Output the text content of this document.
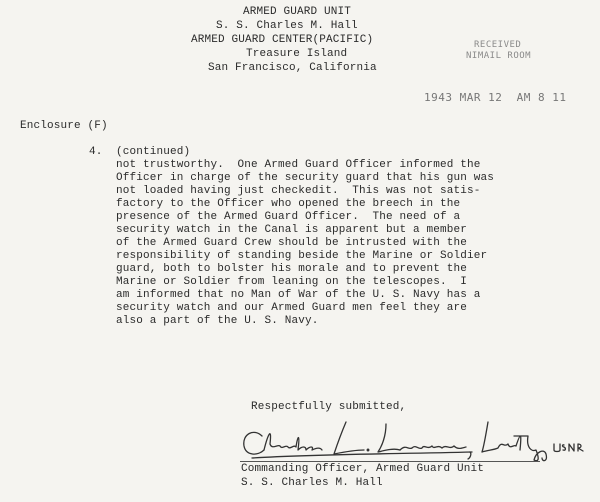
ARMED GUARD UNIT
S. S. Charles M. Hall
ARMED GUARD CENTER(PACIFIC)
Treasure Island
San Francisco, California
RECEIVED
NIMAIL ROOM
1943 MAR 12  AM 8 11
Enclosure (F)
4. (continued)
not trustworthy.  One Armed Guard Officer informed the
Officer in charge of the security guard that his gun was
not loaded having just checkedit.  This was not satis-
factory to the Officer who opened the breech in the
presence of the Armed Guard Officer.  The need of a
security watch in the Canal is apparent but a member
of the Armed Guard Crew should be intrusted with the
responsibility of standing beside the Marine or Soldier
guard, both to bolster his morale and to prevent the
Marine or Soldier from leaning on the telescopes.  I
am informed that no Man of War of the U. S. Navy has a
security watch and our Armed Guard men feel they are
also a part of the U. S. Navy.
Respectfully submitted,
Commanding Officer, Armed Guard Unit
S. S. Charles M. Hall
